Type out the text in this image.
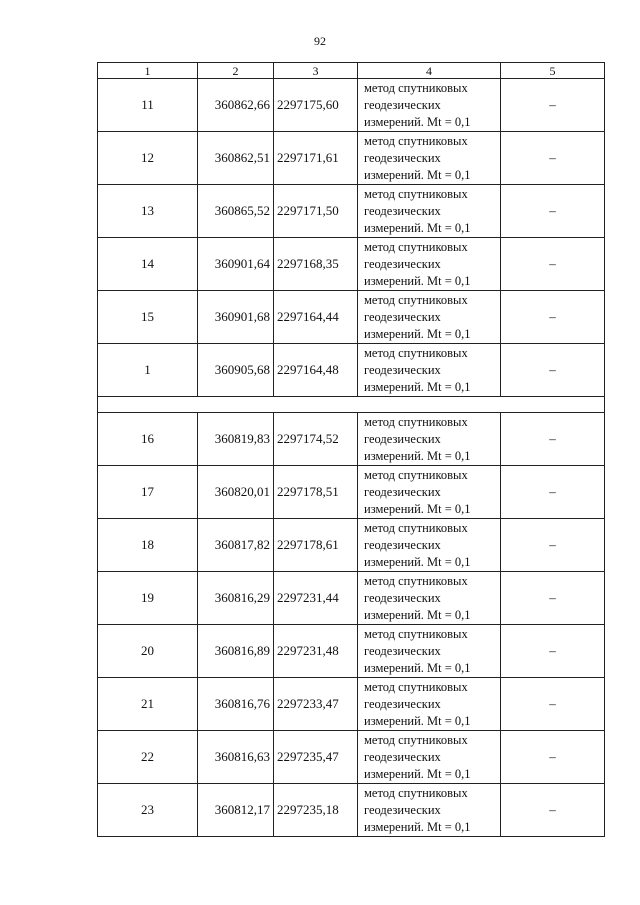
92
1	2	3	4	5
11	360862,66	2297175,60	метод спутниковых
геодезических
измерений. Mt = 0,1	–
12	360862,51	2297171,61	метод спутниковых
геодезических
измерений. Mt = 0,1	–
13	360865,52	2297171,50	метод спутниковых
геодезических
измерений. Mt = 0,1	–
14	360901,64	2297168,35	метод спутниковых
геодезических
измерений. Mt = 0,1	–
15	360901,68	2297164,44	метод спутниковых
геодезических
измерений. Mt = 0,1	–
1	360905,68	2297164,48	метод спутниковых
геодезических
измерений. Mt = 0,1	–

16	360819,83	2297174,52	метод спутниковых
геодезических
измерений. Mt = 0,1	–
17	360820,01	2297178,51	метод спутниковых
геодезических
измерений. Mt = 0,1	–
18	360817,82	2297178,61	метод спутниковых
геодезических
измерений. Mt = 0,1	–
19	360816,29	2297231,44	метод спутниковых
геодезических
измерений. Mt = 0,1	–
20	360816,89	2297231,48	метод спутниковых
геодезических
измерений. Mt = 0,1	–
21	360816,76	2297233,47	метод спутниковых
геодезических
измерений. Mt = 0,1	–
22	360816,63	2297235,47	метод спутниковых
геодезических
измерений. Mt = 0,1	–
23	360812,17	2297235,18	метод спутниковых
геодезических
измерений. Mt = 0,1	–
